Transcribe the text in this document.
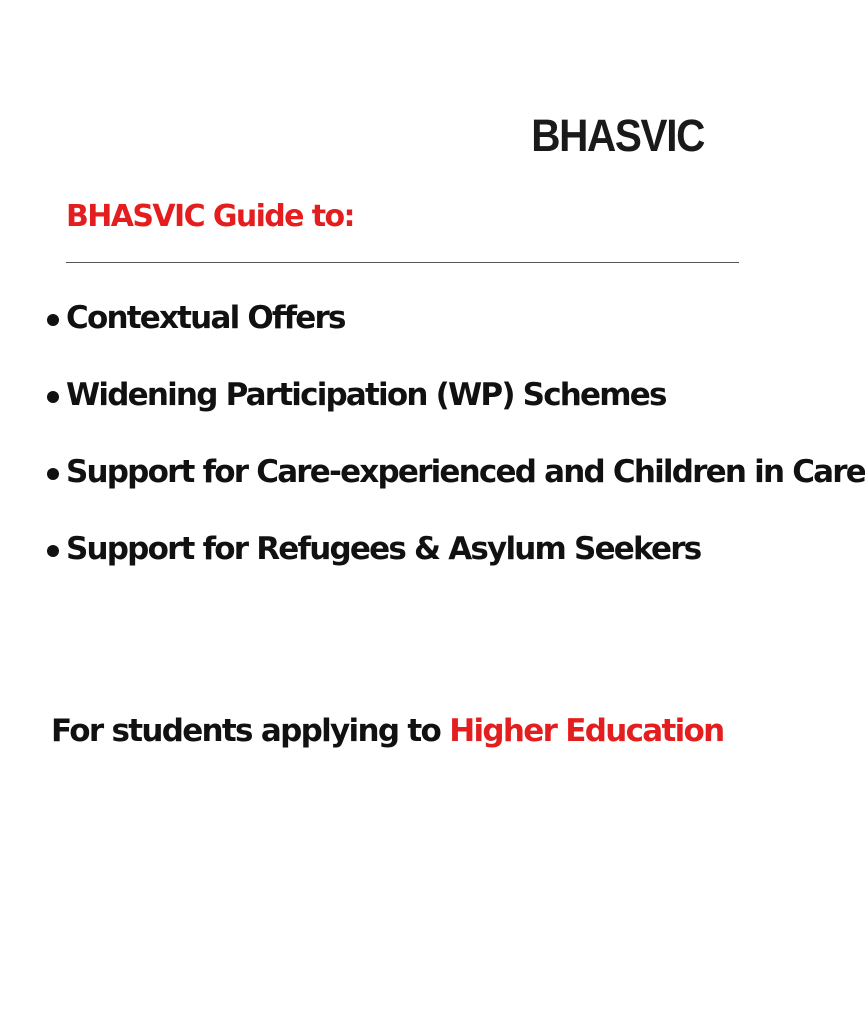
BHASVIC
BHASVIC Guide to:
Contextual Offers
Widening Participation (WP) Schemes
Support for Care-experienced and Children in Care
Support for Refugees & Asylum Seekers
For students applying to Higher Education
